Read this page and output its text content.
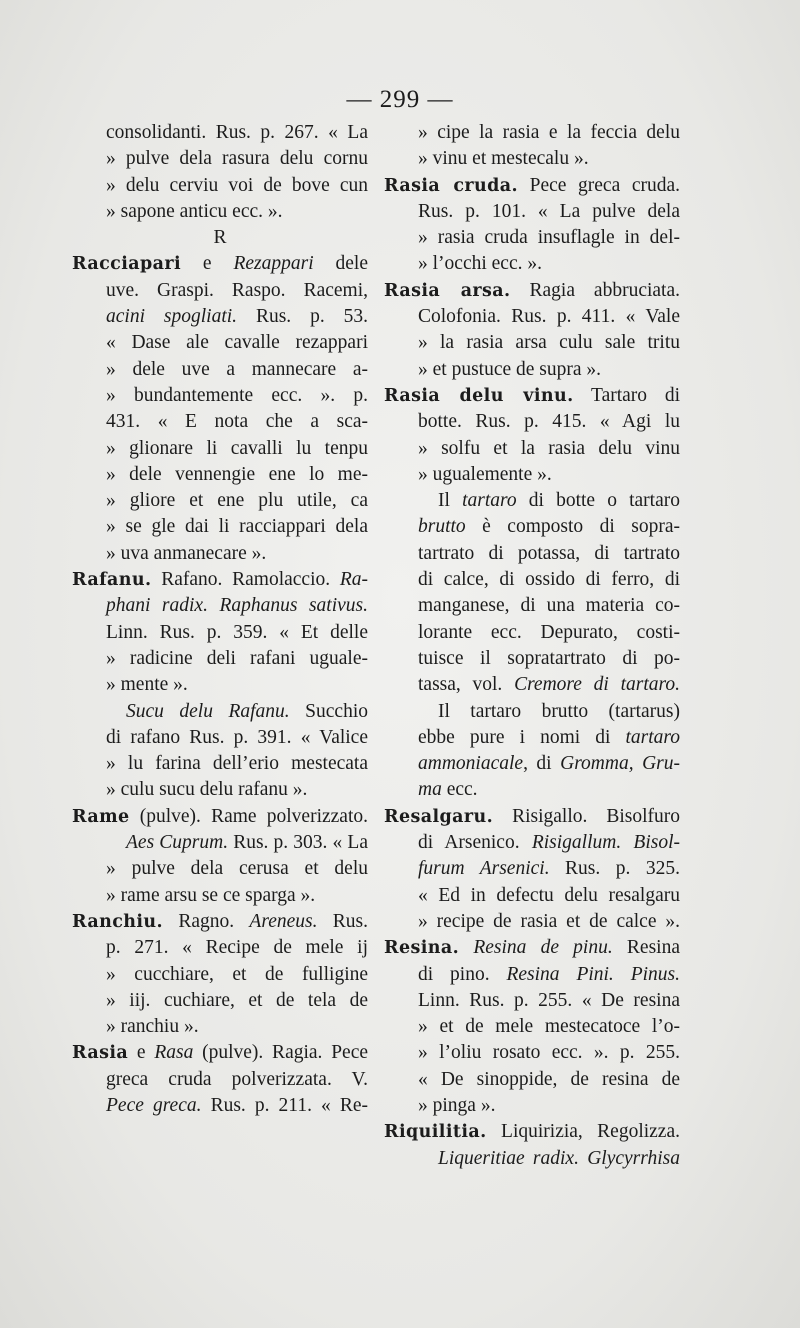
— 299 —
consolidanti. Rus. p. 267. « La
» pulve dela rasura delu cornu
» delu cerviu voi de bove cun
» sapone anticu ecc. ».
R
Racciapari e Rezappari dele
uve. Graspi. Raspo. Racemi,
acini spogliati. Rus. p. 53.
« Dase ale cavalle rezappari
» dele uve a mannecare a-
» bundantemente ecc. ». p.
431. « E nota che a sca-
» glionare li cavalli lu tenpu
» dele vennengie ene lo me-
» gliore et ene plu utile, ca
» se gle dai li racciappari dela
» uva anmanecare ».
Rafanu. Rafano. Ramolaccio. Ra-
phani radix. Raphanus sativus.
Linn. Rus. p. 359. « Et delle
» radicine deli rafani uguale-
» mente ».
Sucu delu Rafanu. Succhio
di rafano Rus. p. 391. « Valice
» lu farina dell’erio mestecata
» culu sucu delu rafanu ».
Rame (pulve). Rame polverizzato.
Aes Cuprum. Rus. p. 303. « La
» pulve dela cerusa et delu
» rame arsu se ce sparga ».
Ranchiu. Ragno. Areneus. Rus.
p. 271. « Recipe de mele ij
» cucchiare, et de fulligine
» iij. cuchiare, et de tela de
» ranchiu ».
Rasia e Rasa (pulve). Ragia. Pece
greca cruda polverizzata. V.
Pece greca. Rus. p. 211. « Re-
» cipe la rasia e la feccia delu
» vinu et mestecalu ».
Rasia cruda. Pece greca cruda.
Rus. p. 101. « La pulve dela
» rasia cruda insuflagle in del-
» l’occhi ecc. ».
Rasia arsa. Ragia abbruciata.
Colofonia. Rus. p. 411. « Vale
» la rasia arsa culu sale tritu
» et pustuce de supra ».
Rasia delu vinu. Tartaro di
botte. Rus. p. 415. « Agi lu
» solfu et la rasia delu vinu
» ugualemente ».
Il tartaro di botte o tartaro
brutto è composto di sopra-
tartrato di potassa, di tartrato
di calce, di ossido di ferro, di
manganese, di una materia co-
lorante ecc. Depurato, costi-
tuisce il sopratartrato di po-
tassa, vol. Cremore di tartaro.
Il tartaro brutto (tartarus)
ebbe pure i nomi di tartaro
ammoniacale, di Gromma, Gru-
ma ecc.
Resalgaru. Risigallo. Bisolfuro
di Arsenico. Risigallum. Bisol-
furum Arsenici. Rus. p. 325.
« Ed in defectu delu resalgaru
» recipe de rasia et de calce ».
Resina. Resina de pinu. Resina
di pino. Resina Pini. Pinus.
Linn. Rus. p. 255. « De resina
» et de mele mestecatoce l’o-
» l’oliu rosato ecc. ». p. 255.
« De sinoppide, de resina de
» pinga ».
Riquilitia. Liquirizia, Regolizza.
Liqueritiae radix. Glycyrrhisa
